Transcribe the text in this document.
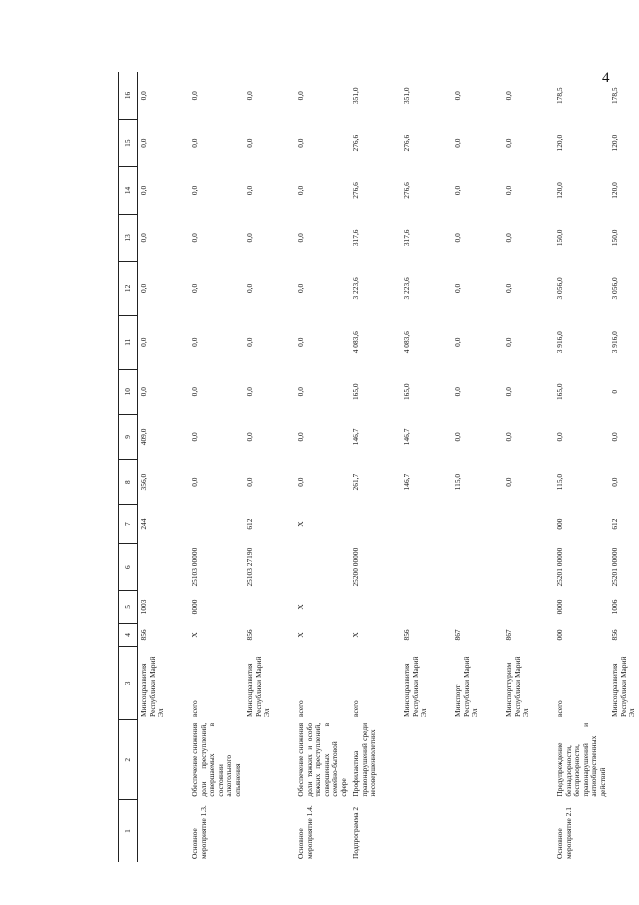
4
1	2	3	4	5	6	7	8	9	10	11	12	13	14	15	16
		Минсоцразвития Республики Марий Эл	856	1003		244	356,0	409,0	0,0	0,0	0,0	0,0	0,0	0,0	0,0
Основное мероприятие 1.3.	Обеспечение снижения доли преступлений, совершаемых в состоянии алкогольного опьянения	всего	Х	0000	25103 00000		0,0	0,0	0,0	0,0	0,0	0,0	0,0	0,0	0,0
		Минсоцразвития Республики Марий Эл	856		25103 27190	612	0,0	0,0	0,0	0,0	0,0	0,0	0,0	0,0	0,0
Основное мероприятие 1.4.	Обеспечение снижения доли тяжких и особо тяжких преступлений, совершенных в семейно-бытовой сфере	всего	Х	Х		Х	0,0	0,0	0,0	0,0	0,0	0,0	0,0	0,0	0,0
Подпрограмма 2	Профилактика правонарушений среди несовершеннолетних	всего	Х		25200 00000		261,7	146,7	165,0	4 083,6	3 223,6	317,6	276,6	276,6	351,0
		Минсоцразвития Республики Марий Эл	856				146,7	146,7	165,0	4 083,6	3 223,6	317,6	276,6	276,6	351,0
		Минспорт Республики Марий Эл	867				115,0	0,0	0,0	0,0	0,0	0,0	0,0	0,0	0,0
		Минспорттуризм Республики Марий Эл	867				0,0	0,0	0,0	0,0	0,0	0,0	0,0	0,0	0,0
Основное мероприятие 2.1	Предупреждение безнадзорности, беспризорности, правонарушений и антиобщественных действий	всего	000	0000	25201 00000	000	115,0	0,0	165,0	3 916,0	3 056,0	150,0	120,0	120,0	178,5
		Минсоцразвития Республики Марий Эл	856	1006	25201 00000	612	0,0	0,0	0	3 916,0	3 056,0	150,0	120,0	120,0	178,5
